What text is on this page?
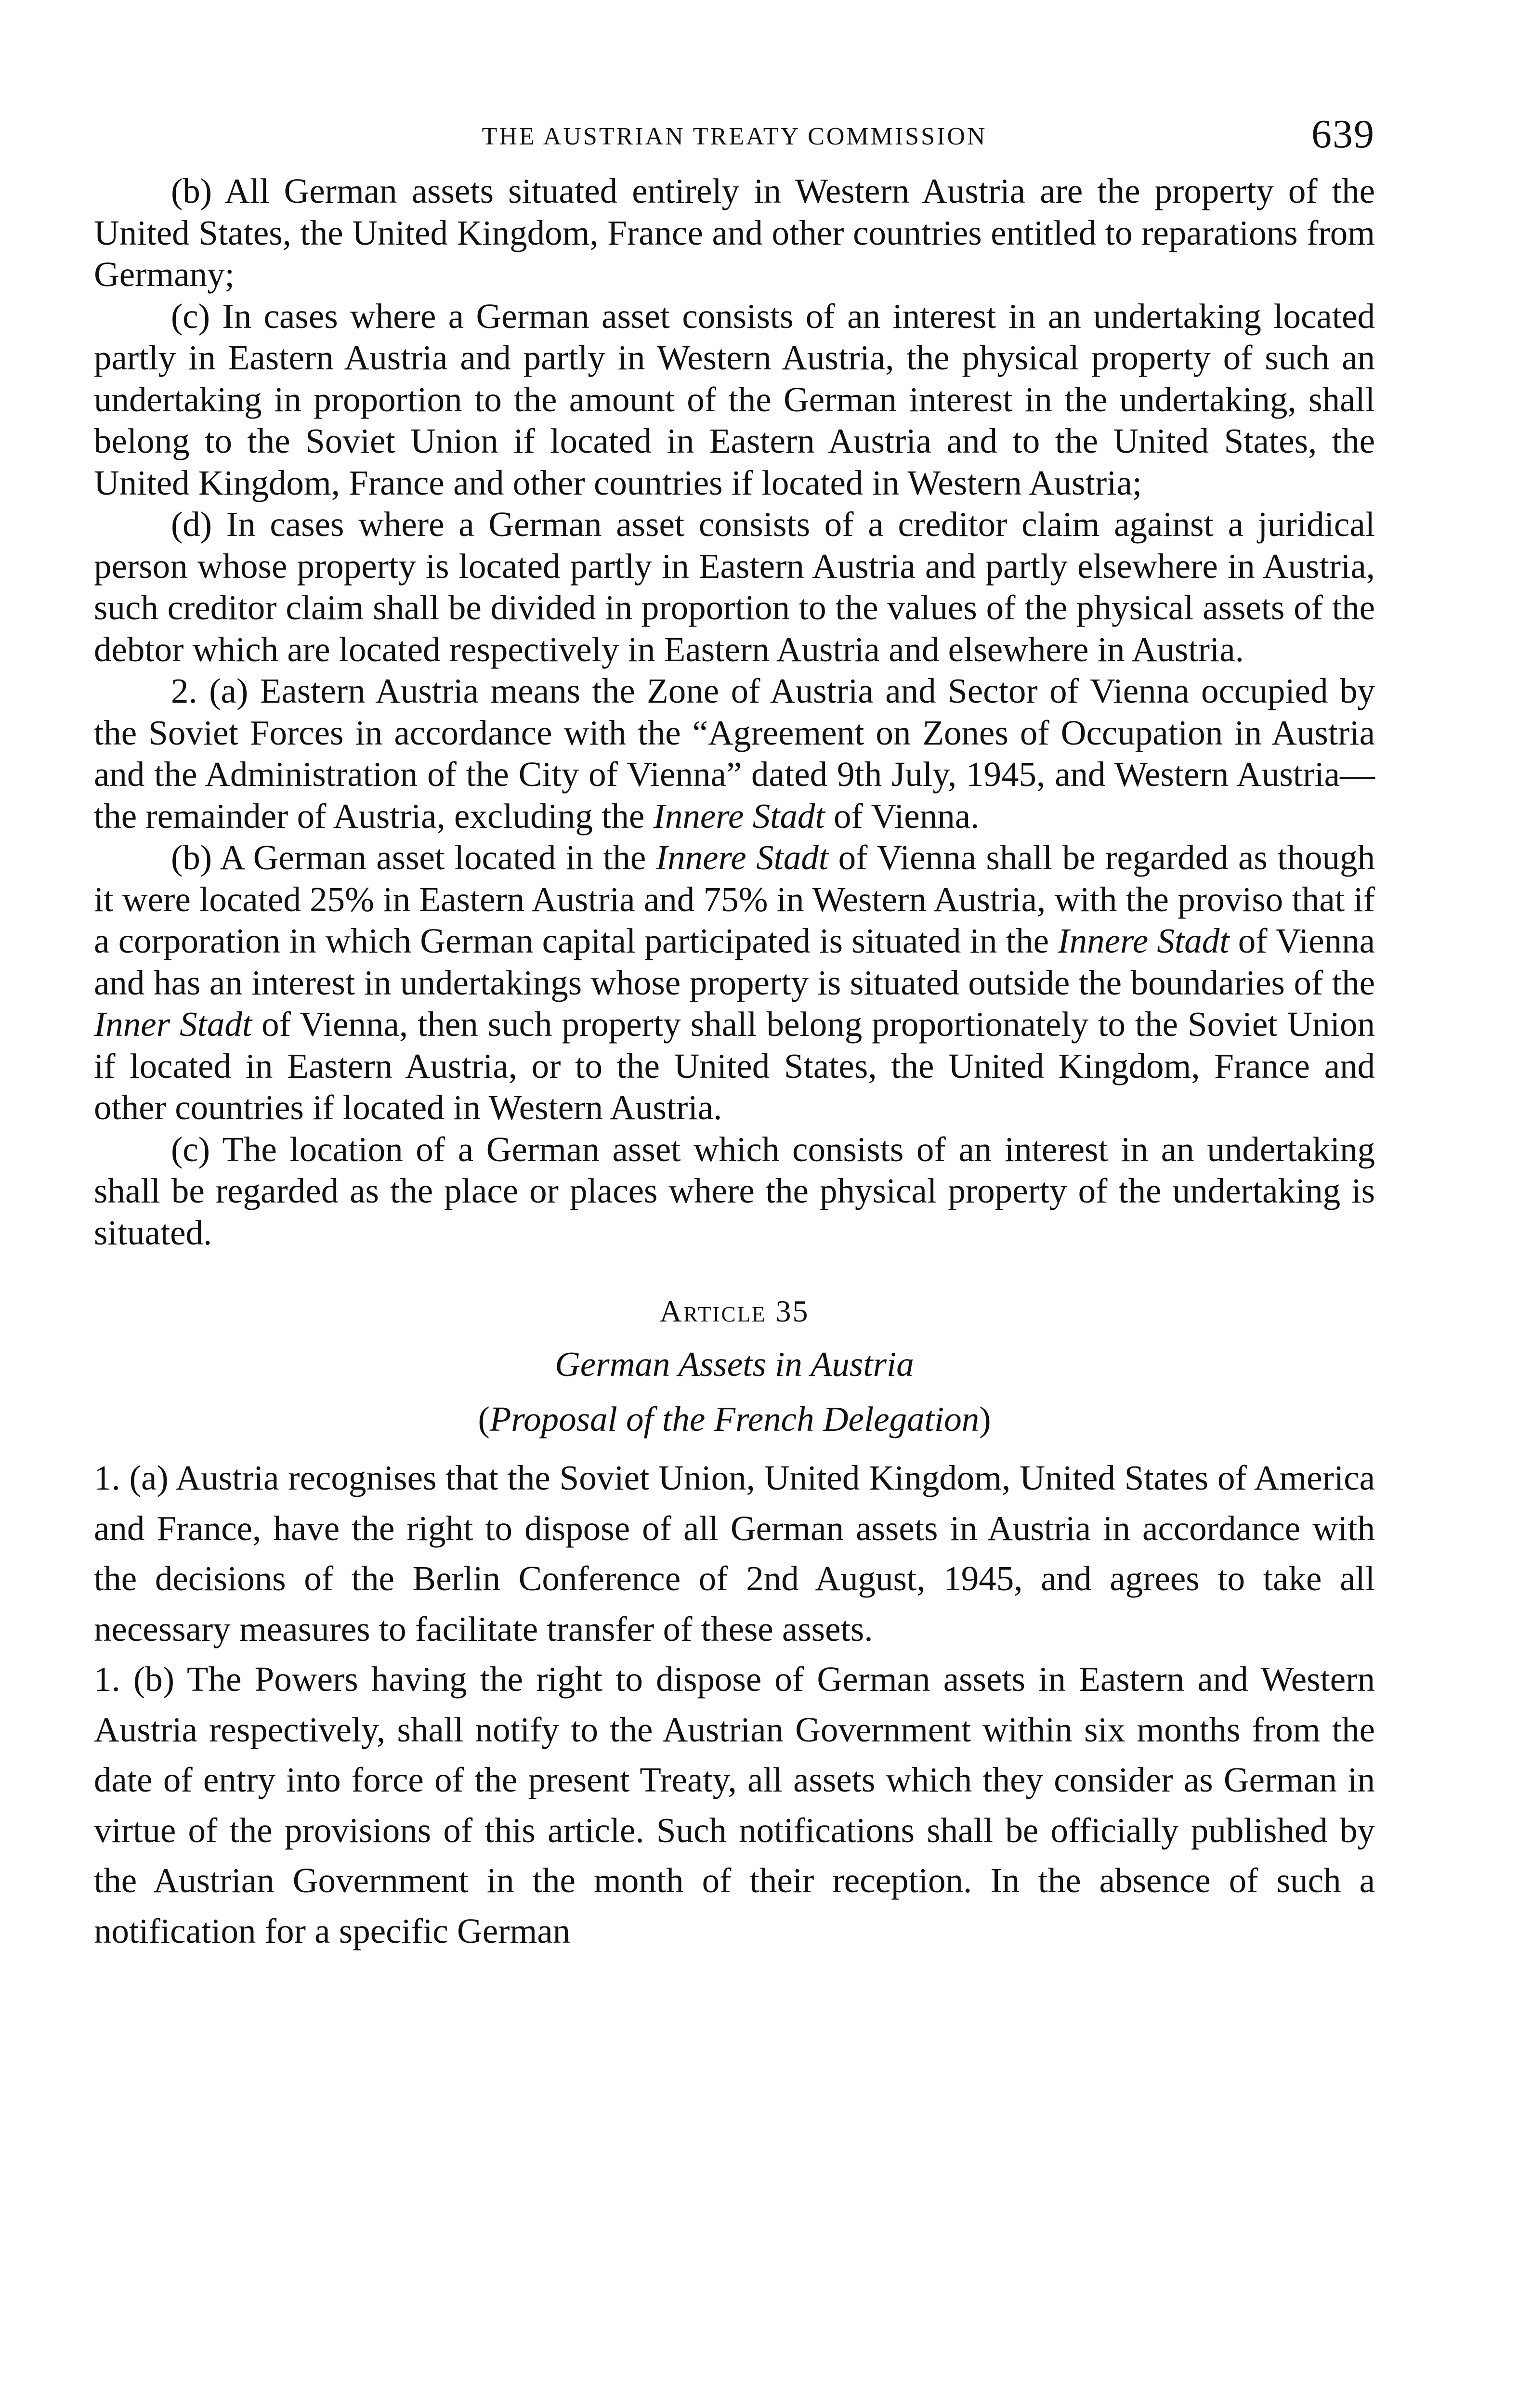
THE AUSTRIAN TREATY COMMISSION	639

(b) All German assets situated entirely in Western Austria are the property of the United States, the United Kingdom, France and other countries entitled to reparations from Germany;

(c) In cases where a German asset consists of an interest in an undertaking located partly in Eastern Austria and partly in Western Austria, the physical property of such an undertaking in proportion to the amount of the German interest in the undertaking, shall belong to the Soviet Union if located in Eastern Austria and to the United States, the United Kingdom, France and other countries if located in Western Austria;

(d) In cases where a German asset consists of a creditor claim against a juridical person whose property is located partly in Eastern Austria and partly elsewhere in Austria, such creditor claim shall be divided in proportion to the values of the physical assets of the debtor which are located respectively in Eastern Austria and elsewhere in Austria.

2. (a) Eastern Austria means the Zone of Austria and Sector of Vienna occupied by the Soviet Forces in accordance with the “Agreement on Zones of Occupation in Austria and the Administration of the City of Vienna” dated 9th July, 1945, and Western Austria—the remainder of Austria, excluding the Innere Stadt of Vienna.

(b) A German asset located in the Innere Stadt of Vienna shall be regarded as though it were located 25% in Eastern Austria and 75% in Western Austria, with the proviso that if a corporation in which German capital participated is situated in the Innere Stadt of Vienna and has an interest in undertakings whose property is situated outside the boundaries of the Inner Stadt of Vienna, then such property shall belong proportionately to the Soviet Union if located in Eastern Austria, or to the United States, the United Kingdom, France and other countries if located in Western Austria.

(c) The location of a German asset which consists of an interest in an undertaking shall be regarded as the place or places where the physical property of the undertaking is situated.

Article 35
German Assets in Austria
(Proposal of the French Delegation)

1. (a) Austria recognises that the Soviet Union, United Kingdom, United States of America and France, have the right to dispose of all German assets in Austria in accordance with the decisions of the Berlin Conference of 2nd August, 1945, and agrees to take all necessary measures to facilitate transfer of these assets.

1. (b) The Powers having the right to dispose of German assets in Eastern and Western Austria respectively, shall notify to the Austrian Government within six months from the date of entry into force of the present Treaty, all assets which they consider as German in virtue of the provisions of this article. Such notifications shall be officially published by the Austrian Government in the month of their reception. In the absence of such a notification for a specific German
